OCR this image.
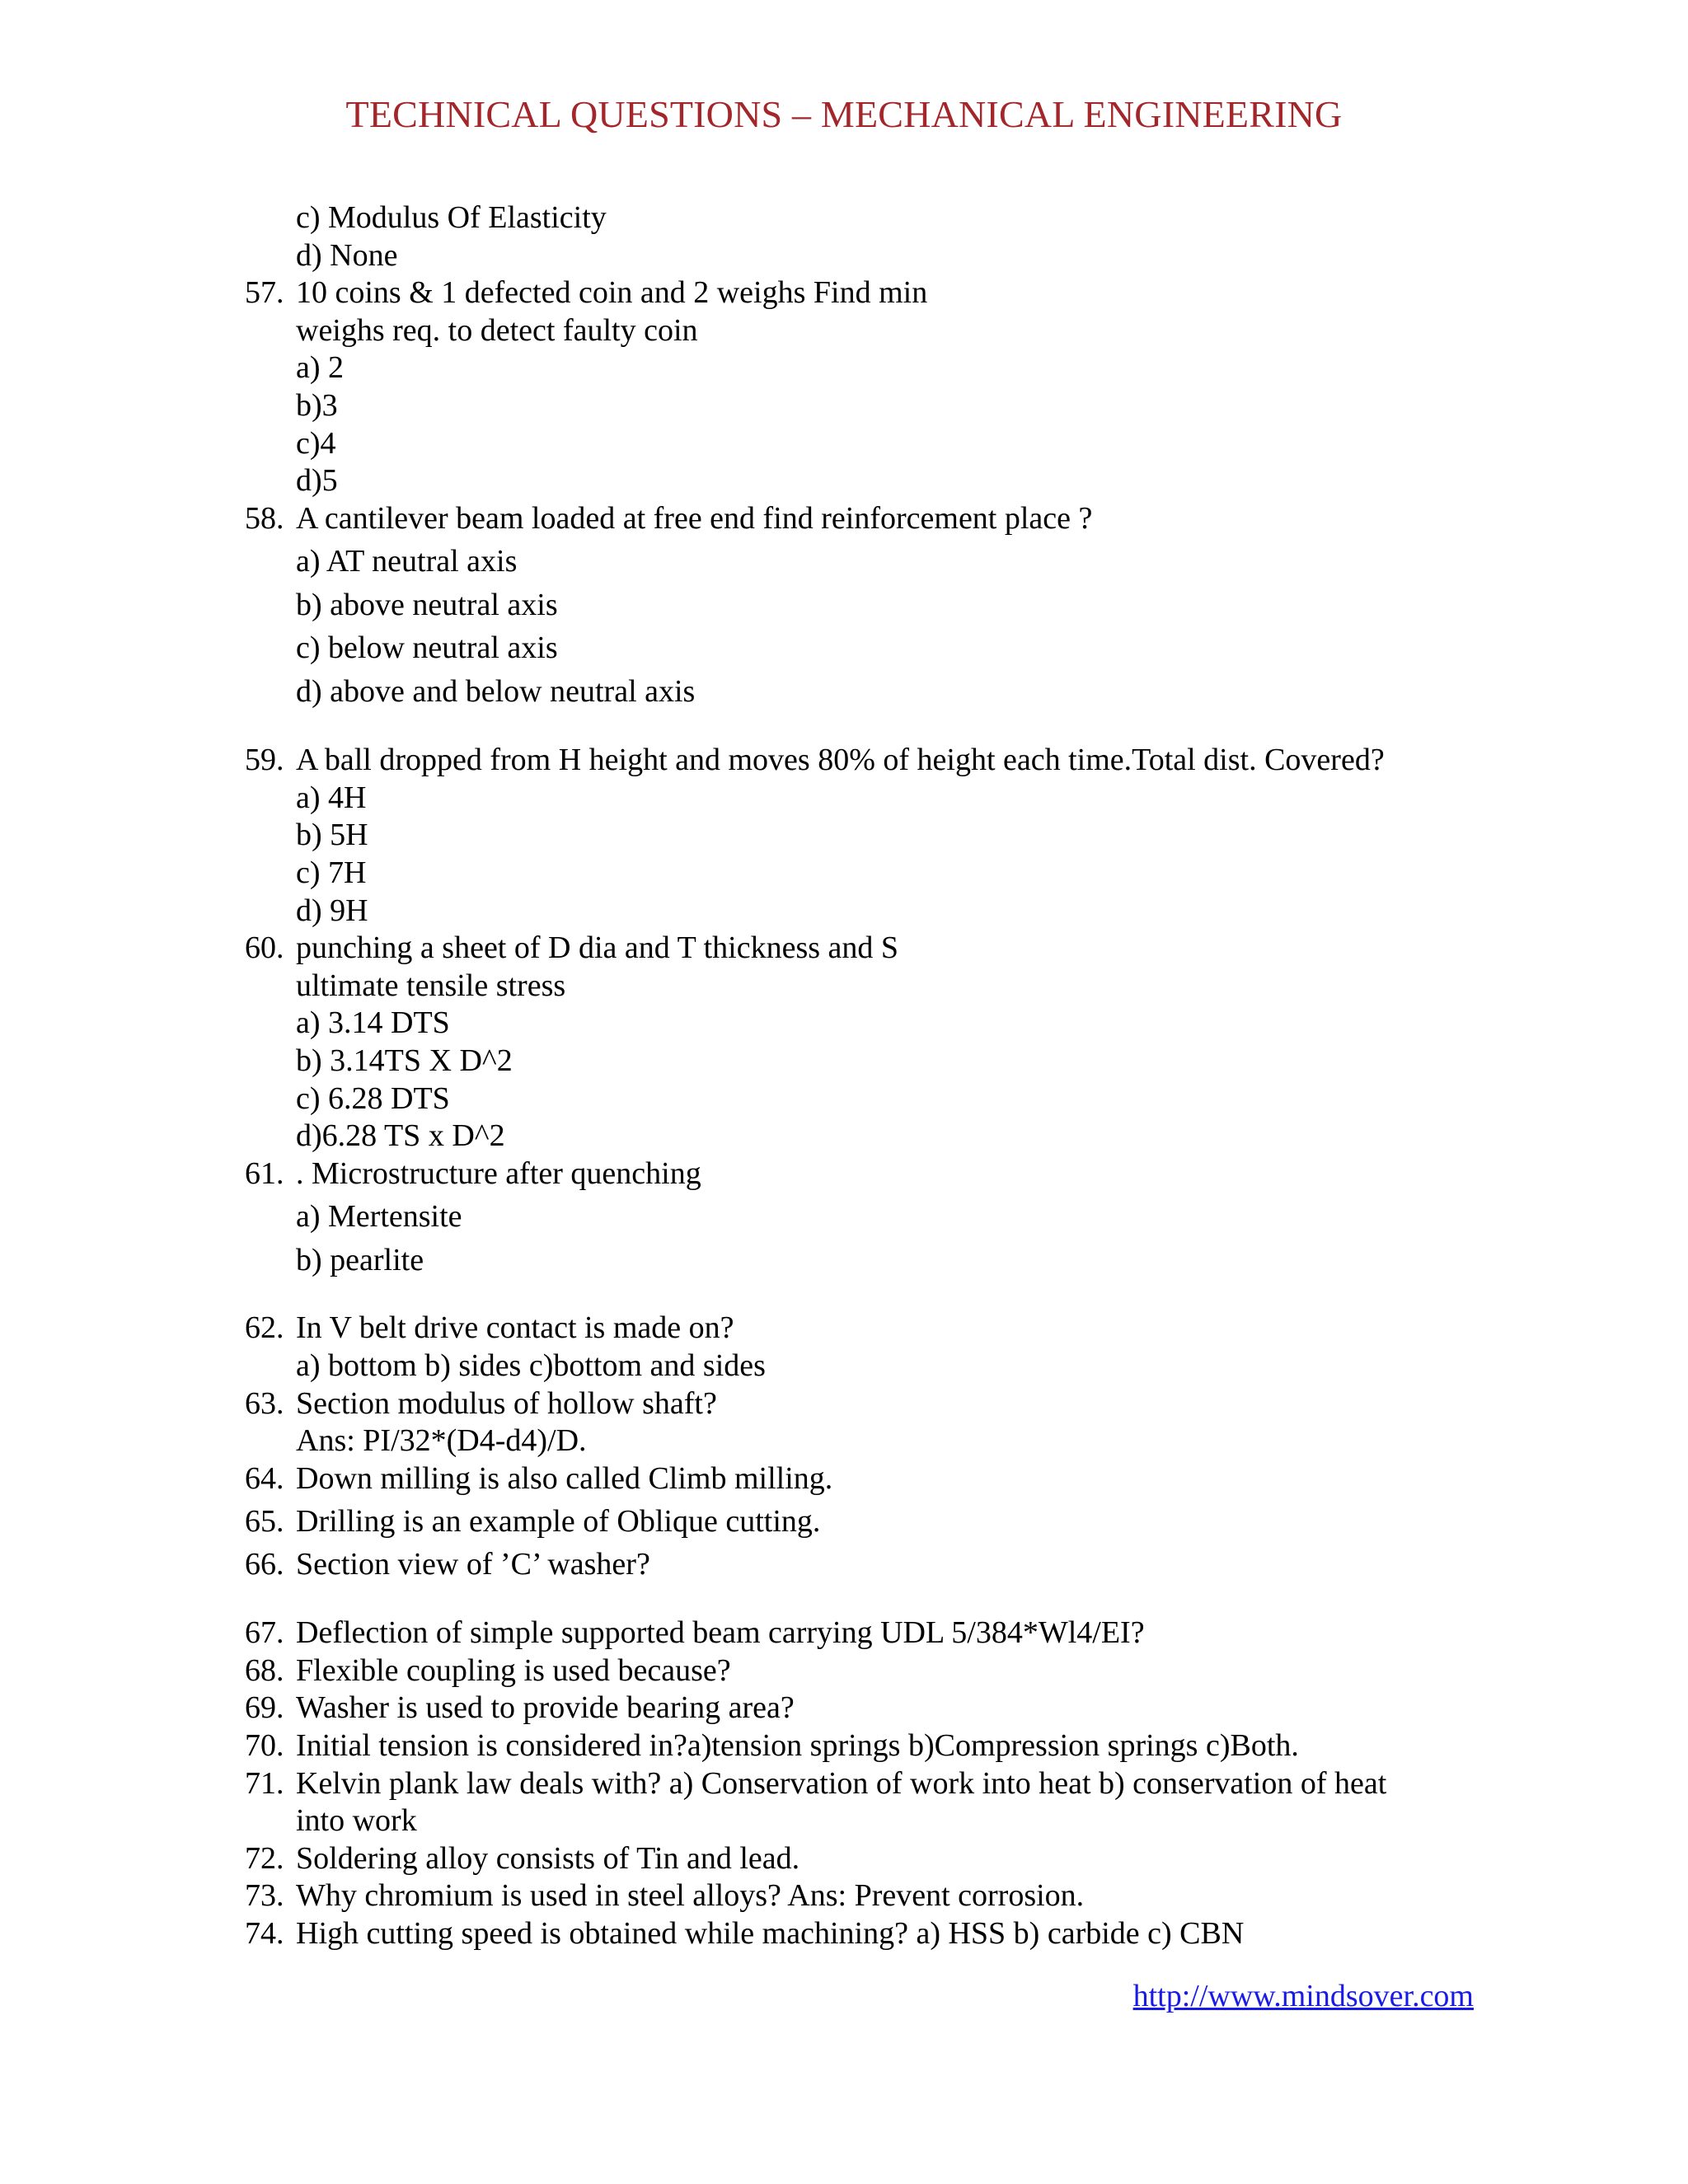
TECHNICAL QUESTIONS – MECHANICAL ENGINEERING
c) Modulus Of Elasticity
d) None
57. 10 coins & 1 defected coin and 2 weighs Find min
weighs req. to detect faulty coin
a) 2
b)3
c)4
d)5
58. A cantilever beam loaded at free end find reinforcement place ?
a) AT neutral axis
b) above neutral axis
c) below neutral axis
d) above and below neutral axis
59. A ball dropped from H height and moves 80% of height each time.Total dist. Covered?
a) 4H
b) 5H
c) 7H
d) 9H
60. punching a sheet of D dia and T thickness and S
ultimate tensile stress
a) 3.14 DTS
b) 3.14TS X D^2
c) 6.28 DTS
d)6.28 TS x D^2
61. . Microstructure after quenching
a) Mertensite
b) pearlite
62. In V belt drive contact is made on?
a) bottom b) sides c)bottom and sides
63. Section modulus of hollow shaft?
Ans: PI/32*(D4-d4)/D.
64. Down milling is also called Climb milling.
65. Drilling is an example of Oblique cutting.
66. Section view of ’C’ washer?
67. Deflection of simple supported beam carrying UDL 5/384*Wl4/EI?
68. Flexible coupling is used because?
69. Washer is used to provide bearing area?
70. Initial tension is considered in?a)tension springs b)Compression springs c)Both.
71. Kelvin plank law deals with? a) Conservation of work into heat b) conservation of heat
into work
72. Soldering alloy consists of Tin and lead.
73. Why chromium is used in steel alloys? Ans: Prevent corrosion.
74. High cutting speed is obtained while machining? a) HSS b) carbide c) CBN
http://www.mindsover.com
